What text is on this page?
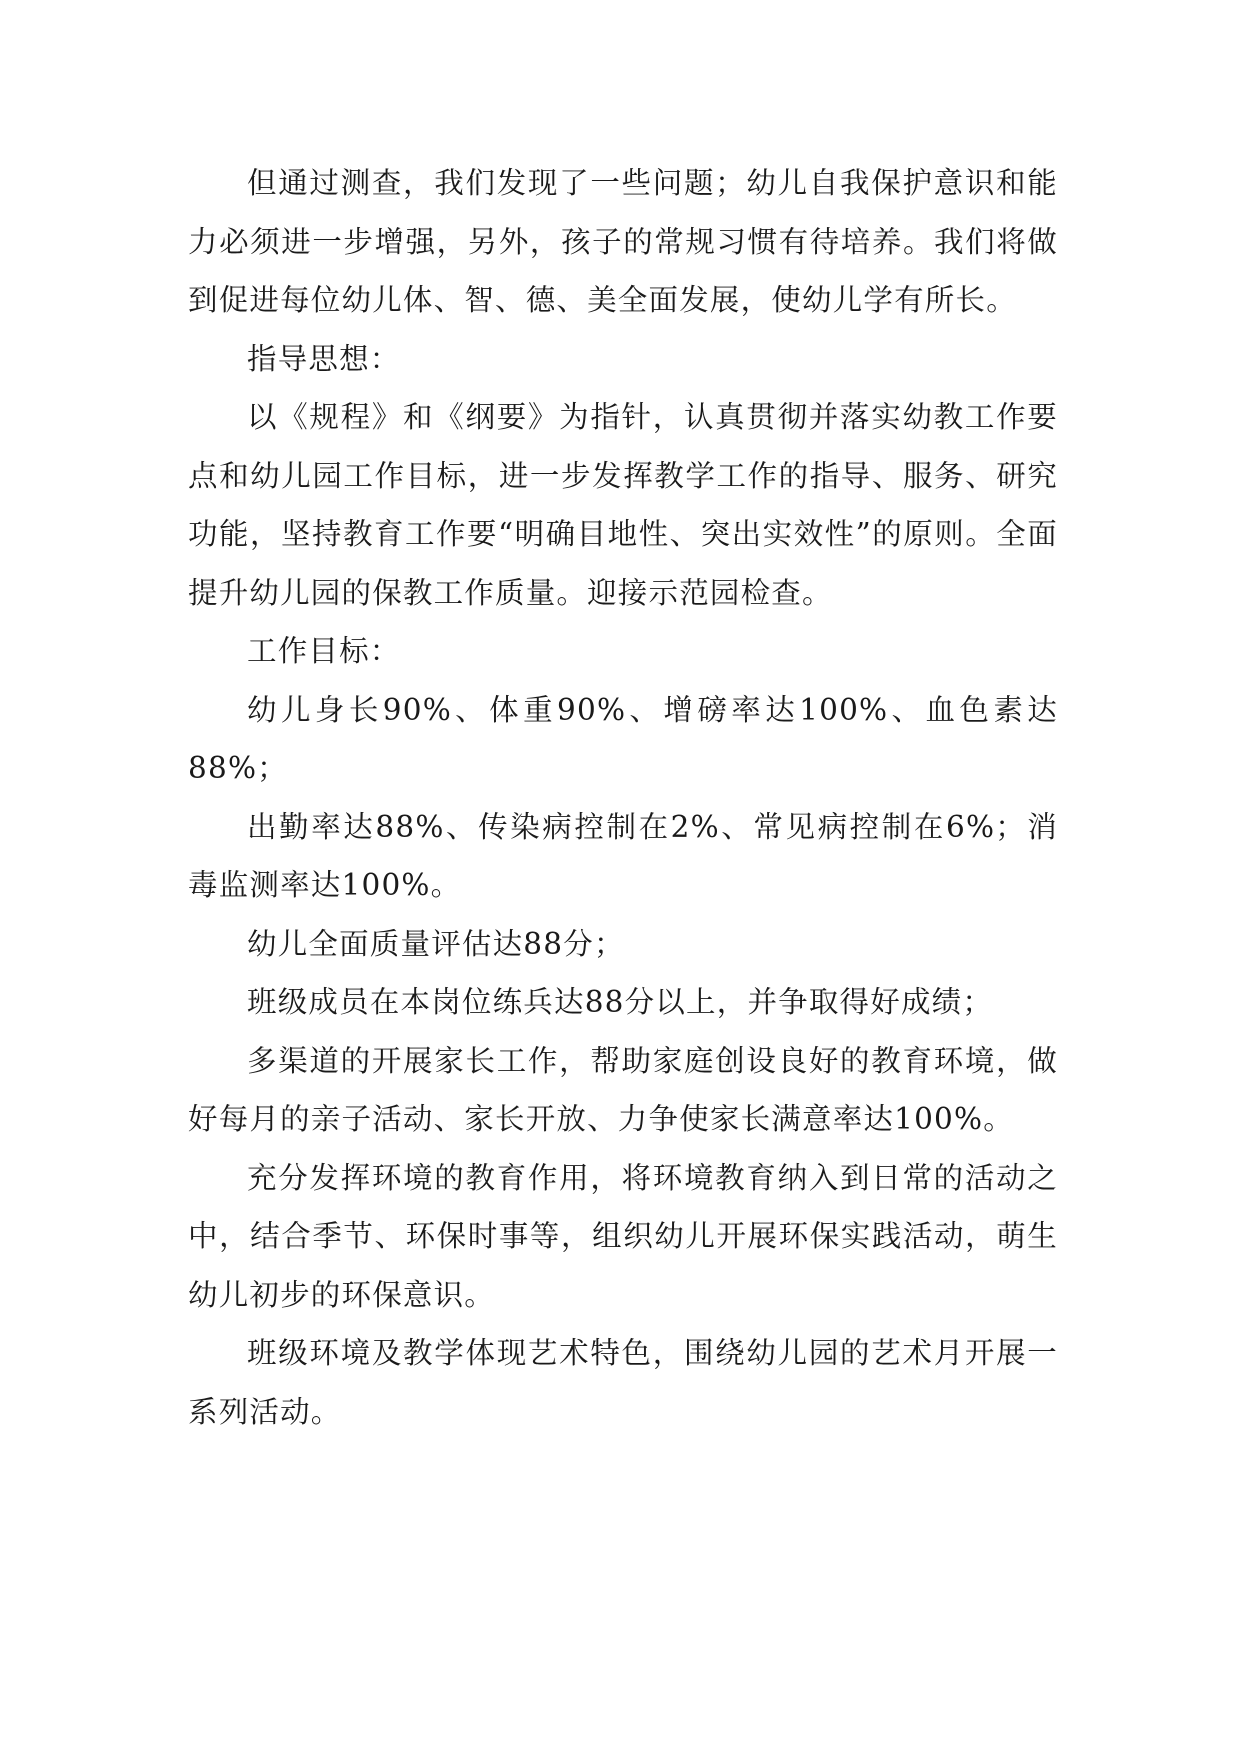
但通过测查，我们发现了一些问题；幼儿自我保护意识和能力必须进一步增强，另外，孩子的常规习惯有待培养。我们将做到促进每位幼儿体、智、德、美全面发展，使幼儿学有所长。

指导思想：

以《规程》和《纲要》为指针，认真贯彻并落实幼教工作要点和幼儿园工作目标，进一步发挥教学工作的指导、服务、研究功能，坚持教育工作要“明确目地性、突出实效性”的原则。全面提升幼儿园的保教工作质量。迎接示范园检查。

工作目标：

幼儿身长90%、体重90%、增磅率达100%、血色素达88%；

出勤率达88%、传染病控制在2%、常见病控制在6%；消毒监测率达100%。

幼儿全面质量评估达88分；

班级成员在本岗位练兵达88分以上，并争取得好成绩；

多渠道的开展家长工作，帮助家庭创设良好的教育环境，做好每月的亲子活动、家长开放、力争使家长满意率达100%。

充分发挥环境的教育作用，将环境教育纳入到日常的活动之中，结合季节、环保时事等，组织幼儿开展环保实践活动，萌生幼儿初步的环保意识。

班级环境及教学体现艺术特色，围绕幼儿园的艺术月开展一系列活动。
